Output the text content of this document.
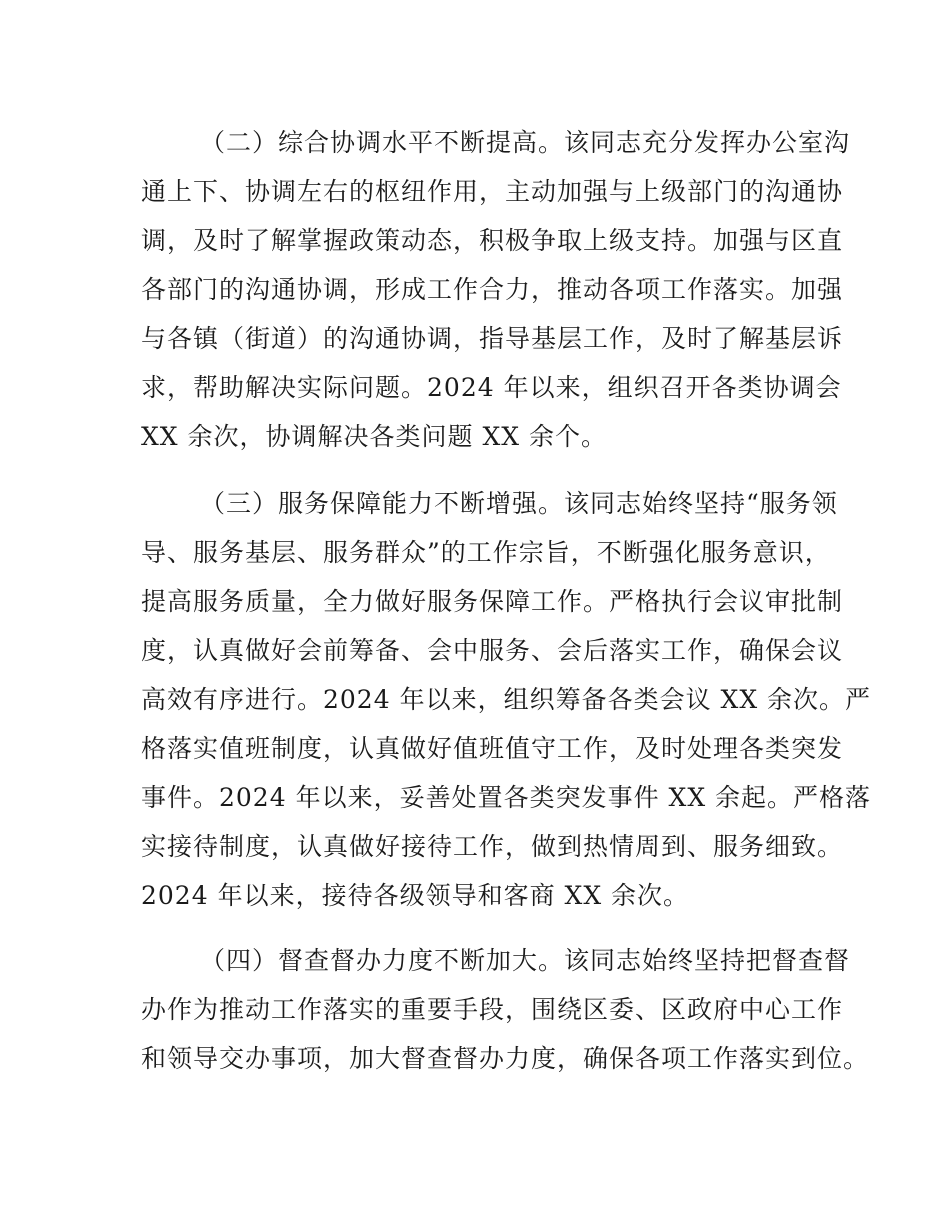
（二）综合协调水平不断提高。该同志充分发挥办公室沟
通上下、协调左右的枢纽作用，主动加强与上级部门的沟通协
调，及时了解掌握政策动态，积极争取上级支持。加强与区直
各部门的沟通协调，形成工作合力，推动各项工作落实。加强
与各镇（街道）的沟通协调，指导基层工作，及时了解基层诉
求，帮助解决实际问题。2024 年以来，组织召开各类协调会
XX 余次，协调解决各类问题 XX 余个。
（三）服务保障能力不断增强。该同志始终坚持“服务领
导、服务基层、服务群众”的工作宗旨，不断强化服务意识，
提高服务质量，全力做好服务保障工作。严格执行会议审批制
度，认真做好会前筹备、会中服务、会后落实工作，确保会议
高效有序进行。2024 年以来，组织筹备各类会议 XX 余次。严
格落实值班制度，认真做好值班值守工作，及时处理各类突发
事件。2024 年以来，妥善处置各类突发事件 XX 余起。严格落
实接待制度，认真做好接待工作，做到热情周到、服务细致。
2024 年以来，接待各级领导和客商 XX 余次。
（四）督查督办力度不断加大。该同志始终坚持把督查督
办作为推动工作落实的重要手段，围绕区委、区政府中心工作
和领导交办事项，加大督查督办力度，确保各项工作落实到位。
